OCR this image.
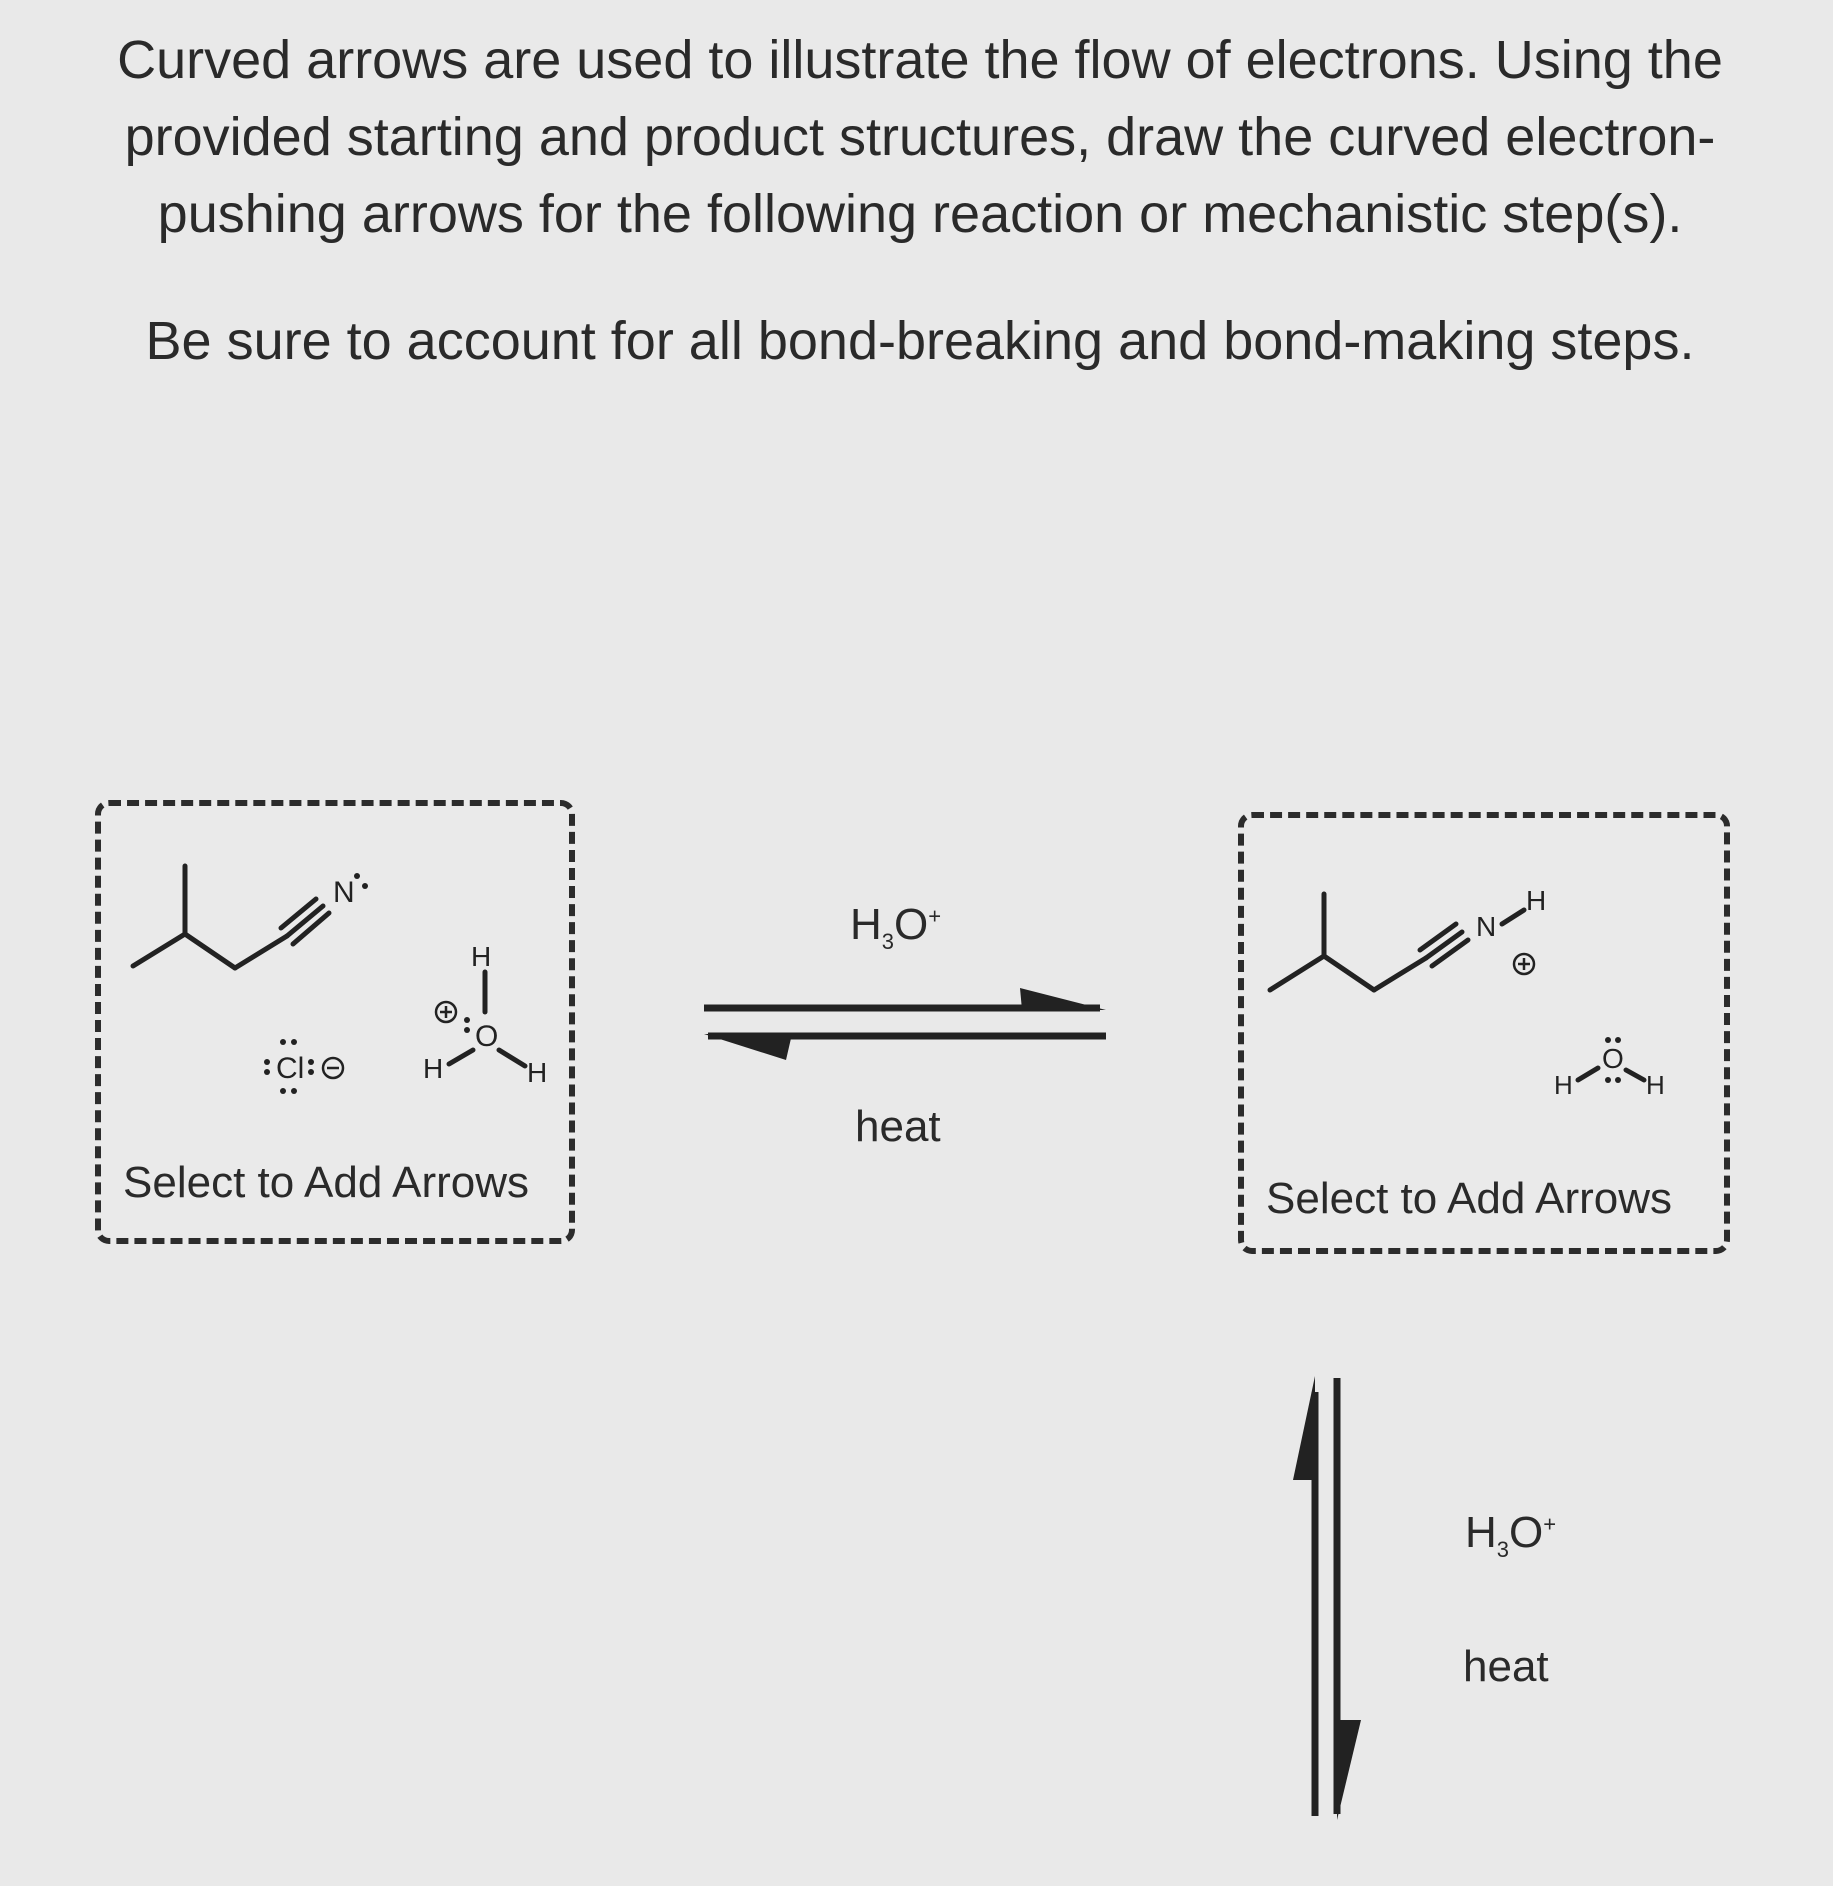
Curved arrows are used to illustrate the flow of electrons. Using the provided starting and product structures, draw the curved electron-pushing arrows for the following reaction or mechanistic step(s).

Be sure to account for all bond-breaking and bond-making steps.

N
H
O
H	H
Cl
Select to Add Arrows
$H_3O^+$
heat
N
H
O
H	H
Select to Add Arrows
$H_3O^+$
heat
